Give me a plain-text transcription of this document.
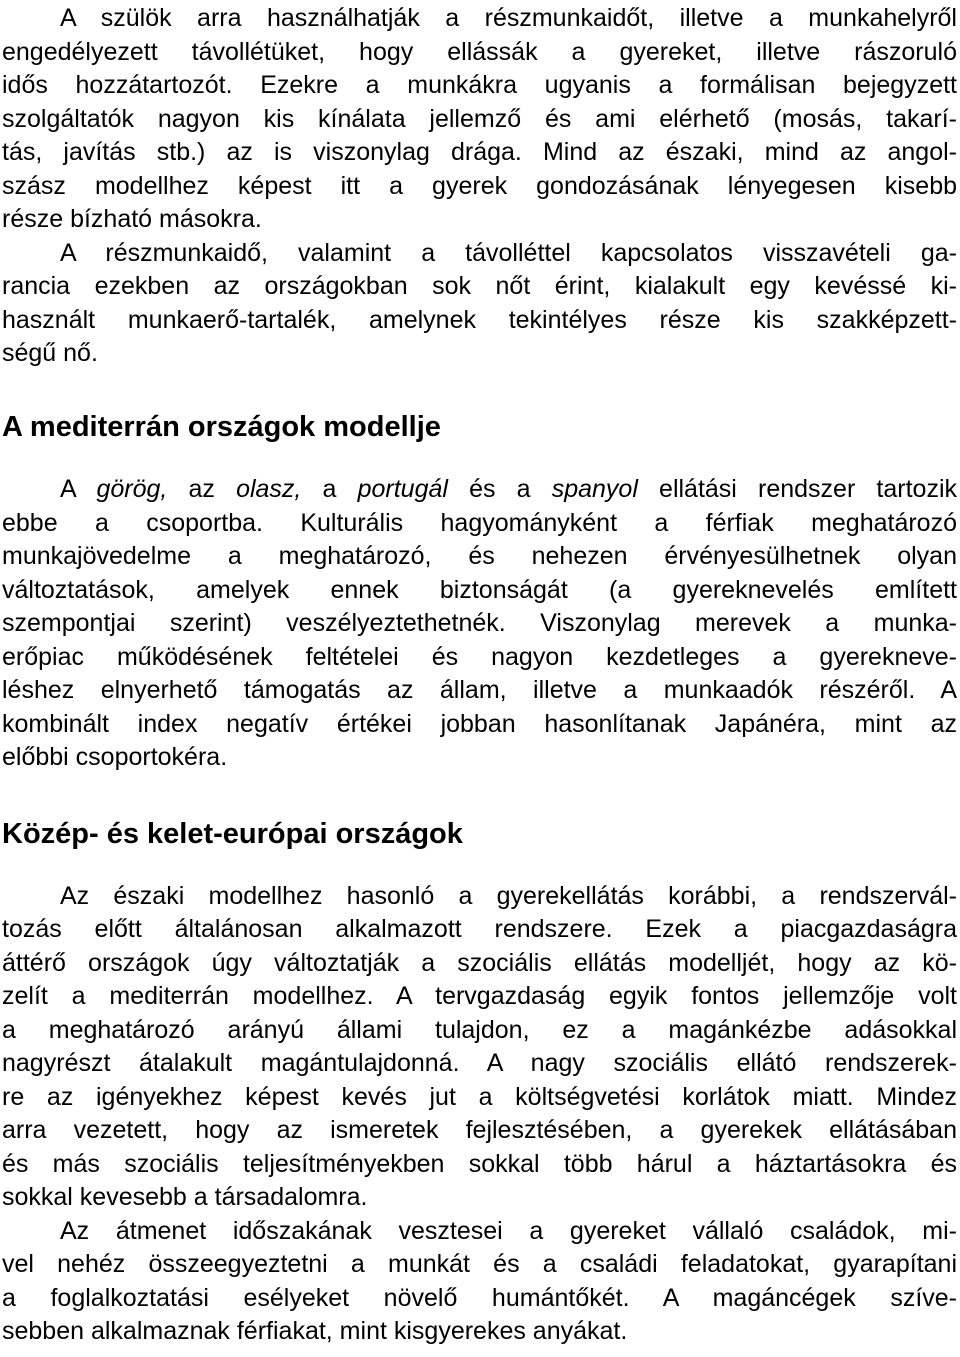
A szülök arra használhatják a részmunkaidőt, illetve a munkahelyről
engedélyezett távollétüket, hogy ellássák a gyereket, illetve rászoruló
idős hozzátartozót. Ezekre a munkákra ugyanis a formálisan bejegyzett
szolgáltatók nagyon kis kínálata jellemző és ami elérhető (mosás, takarí-
tás, javítás stb.) az is viszonylag drága. Mind az északi, mind az angol-
szász modellhez képest itt a gyerek gondozásának lényegesen kisebb
része bízható másokra.
A részmunkaidő, valamint a távolléttel kapcsolatos visszavételi ga-
rancia ezekben az országokban sok nőt érint, kialakult egy kevéssé ki-
használt munkaerő-tartalék, amelynek tekintélyes része kis szakképzett-
ségű nő.
A mediterrán országok modellje
A görög, az olasz, a portugál és a spanyol ellátási rendszer tartozik
ebbe a csoportba. Kulturális hagyományként a férfiak meghatározó
munkajövedelme a meghatározó, és nehezen érvényesülhetnek olyan
változtatások, amelyek ennek biztonságát (a gyereknevelés említett
szempontjai szerint) veszélyeztethetnék. Viszonylag merevek a munka-
erőpiac működésének feltételei és nagyon kezdetleges a gyerekneve-
léshez elnyerhető támogatás az állam, illetve a munkaadók részéről. A
kombinált index negatív értékei jobban hasonlítanak Japánéra, mint az
előbbi csoportokéra.
Közép- és kelet-európai országok
Az északi modellhez hasonló a gyerekellátás korábbi, a rendszervál-
tozás előtt általánosan alkalmazott rendszere. Ezek a piacgazdaságra
áttérő országok úgy változtatják a szociális ellátás modelljét, hogy az kö-
zelít a mediterrán modellhez. A tervgazdaság egyik fontos jellemzője volt
a meghatározó arányú állami tulajdon, ez a magánkézbe adásokkal
nagyrészt átalakult magántulajdonná. A nagy szociális ellátó rendszerek-
re az igényekhez képest kevés jut a költségvetési korlátok miatt. Mindez
arra vezetett, hogy az ismeretek fejlesztésében, a gyerekek ellátásában
és más szociális teljesítményekben sokkal több hárul a háztartásokra és
sokkal kevesebb a társadalomra.
Az átmenet időszakának vesztesei a gyereket vállaló családok, mi-
vel nehéz összeegyeztetni a munkát és a családi feladatokat, gyarapítani
a foglalkoztatási esélyeket növelő humántőkét. A magáncégek szíve-
sebben alkalmaznak férfiakat, mint kisgyerekes anyákat.
